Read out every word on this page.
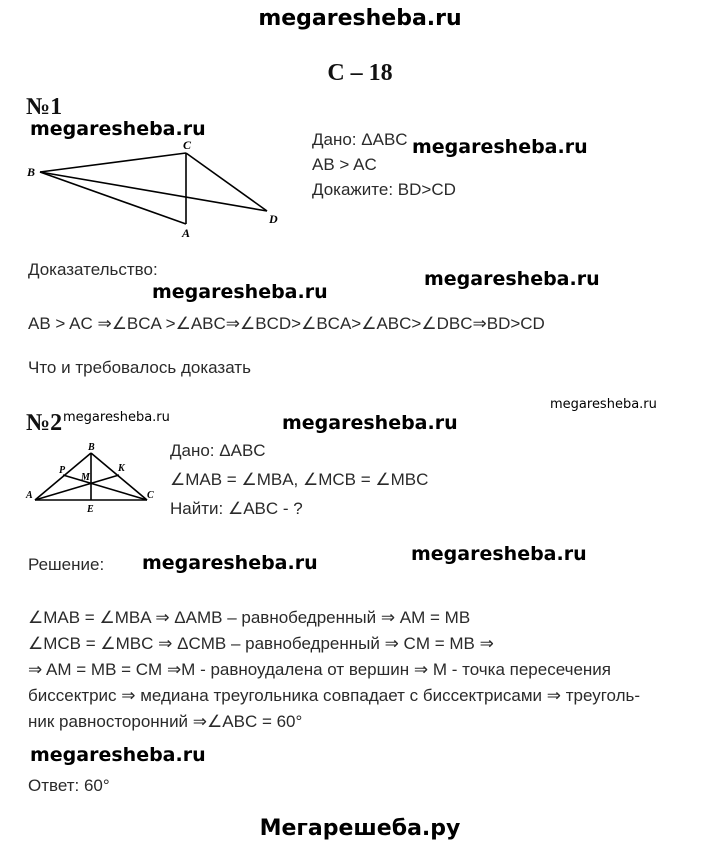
megaresheba.ru
С – 18
№1
megaresheba.ru
B
C
A
D
Дано: ΔABC
AB > AC
Докажите: BD>CD
megaresheba.ru
Доказательство:	megaresheba.ru
megaresheba.ru
AB > AC ⇒∠BCA >∠ABC⇒∠BCD>∠BCA>∠ABC>∠DBC⇒BD>CD
Что и требовалось доказать
№2 megaresheba.ru	megaresheba.ru
megaresheba.ru
B
P
M
K
A
E
C
Дано: ΔABC
∠MAB = ∠MBA, ∠MCB = ∠MBC
Найти: ∠ABC - ?
Решение: megaresheba.ru	megaresheba.ru
∠MAB = ∠MBA ⇒ ΔAMB – равнобедренный ⇒ AM = MB
∠MCB = ∠MBC ⇒ ΔCMB – равнобедренный ⇒ CM = MB ⇒
⇒ AM = MB = CM ⇒M - равноудалена от вершин ⇒ M - точка пересечения
биссектрис ⇒ медиана треугольника совпадает с биссектрисами ⇒ треуголь-
ник равносторонний ⇒∠ABC = 60°
megaresheba.ru
Ответ: 60°
Мегарешеба.ру
